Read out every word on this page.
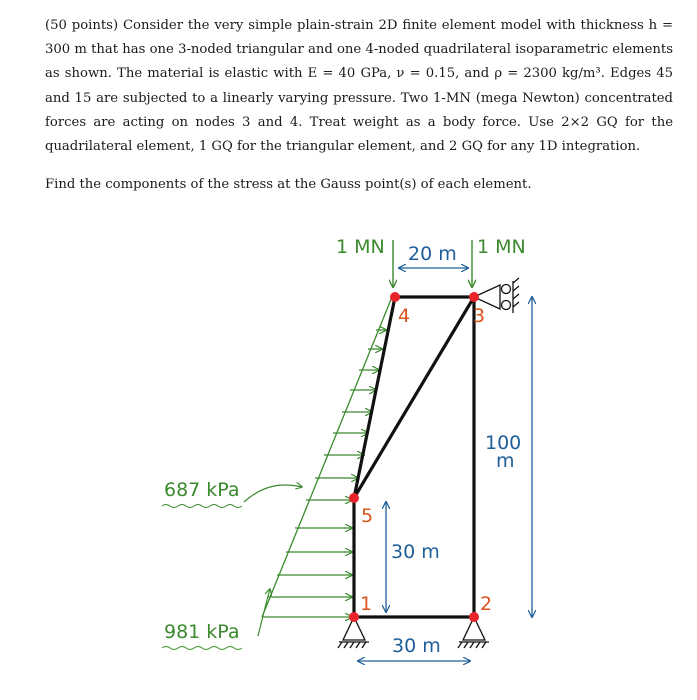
(50 points) Consider the very simple plain-strain 2D finite element model with thickness h = 300 m that has one 3-noded triangular and one 4-noded quadrilateral isoparametric elements as shown. The material is elastic with E = 40 GPa, ν = 0.15, and ρ = 2300 kg/m³. Edges 45 and 15 are subjected to a linearly varying pressure. Two 1-MN (mega Newton) concentrated forces are acting on nodes 3 and 4. Treat weight as a body force. Use 2×2 GQ for the quadrilateral element, 1 GQ for the triangular element, and 2 GQ for any 1D integration.

Find the components of the stress at the Gauss point(s) of each element.
1 MN	1 MN
20 m
100
m
30 m
30 m
687 kPa
981 kPa
1	2
3
4
5
